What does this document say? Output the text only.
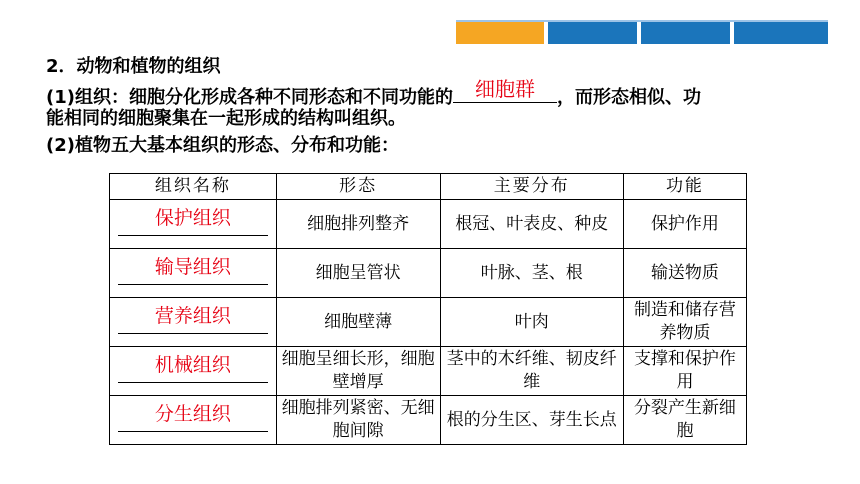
2．动物和植物的组织
(1)组织：细胞分化形成各种不同形态和不同功能的	细胞群	，而形态相似、功
能相同的细胞聚集在一起形成的结构叫组织。
(2)植物五大基本组织的形态、分布和功能：
组织名称	形态	主要分布	功能

保护组织	细胞排列整齐	根冠、叶表皮、种皮	保护作用

输导组织	细胞呈管状	叶脉、茎、根	输送物质

营养组织	细胞壁薄	叶肉	制造和储存营养物质

机械组织	细胞呈细长形，细胞壁增厚	茎中的木纤维、韧皮纤维	支撑和保护作用

分生组织	细胞排列紧密、无细胞间隙	根的分生区、芽生长点	分裂产生新细胞
